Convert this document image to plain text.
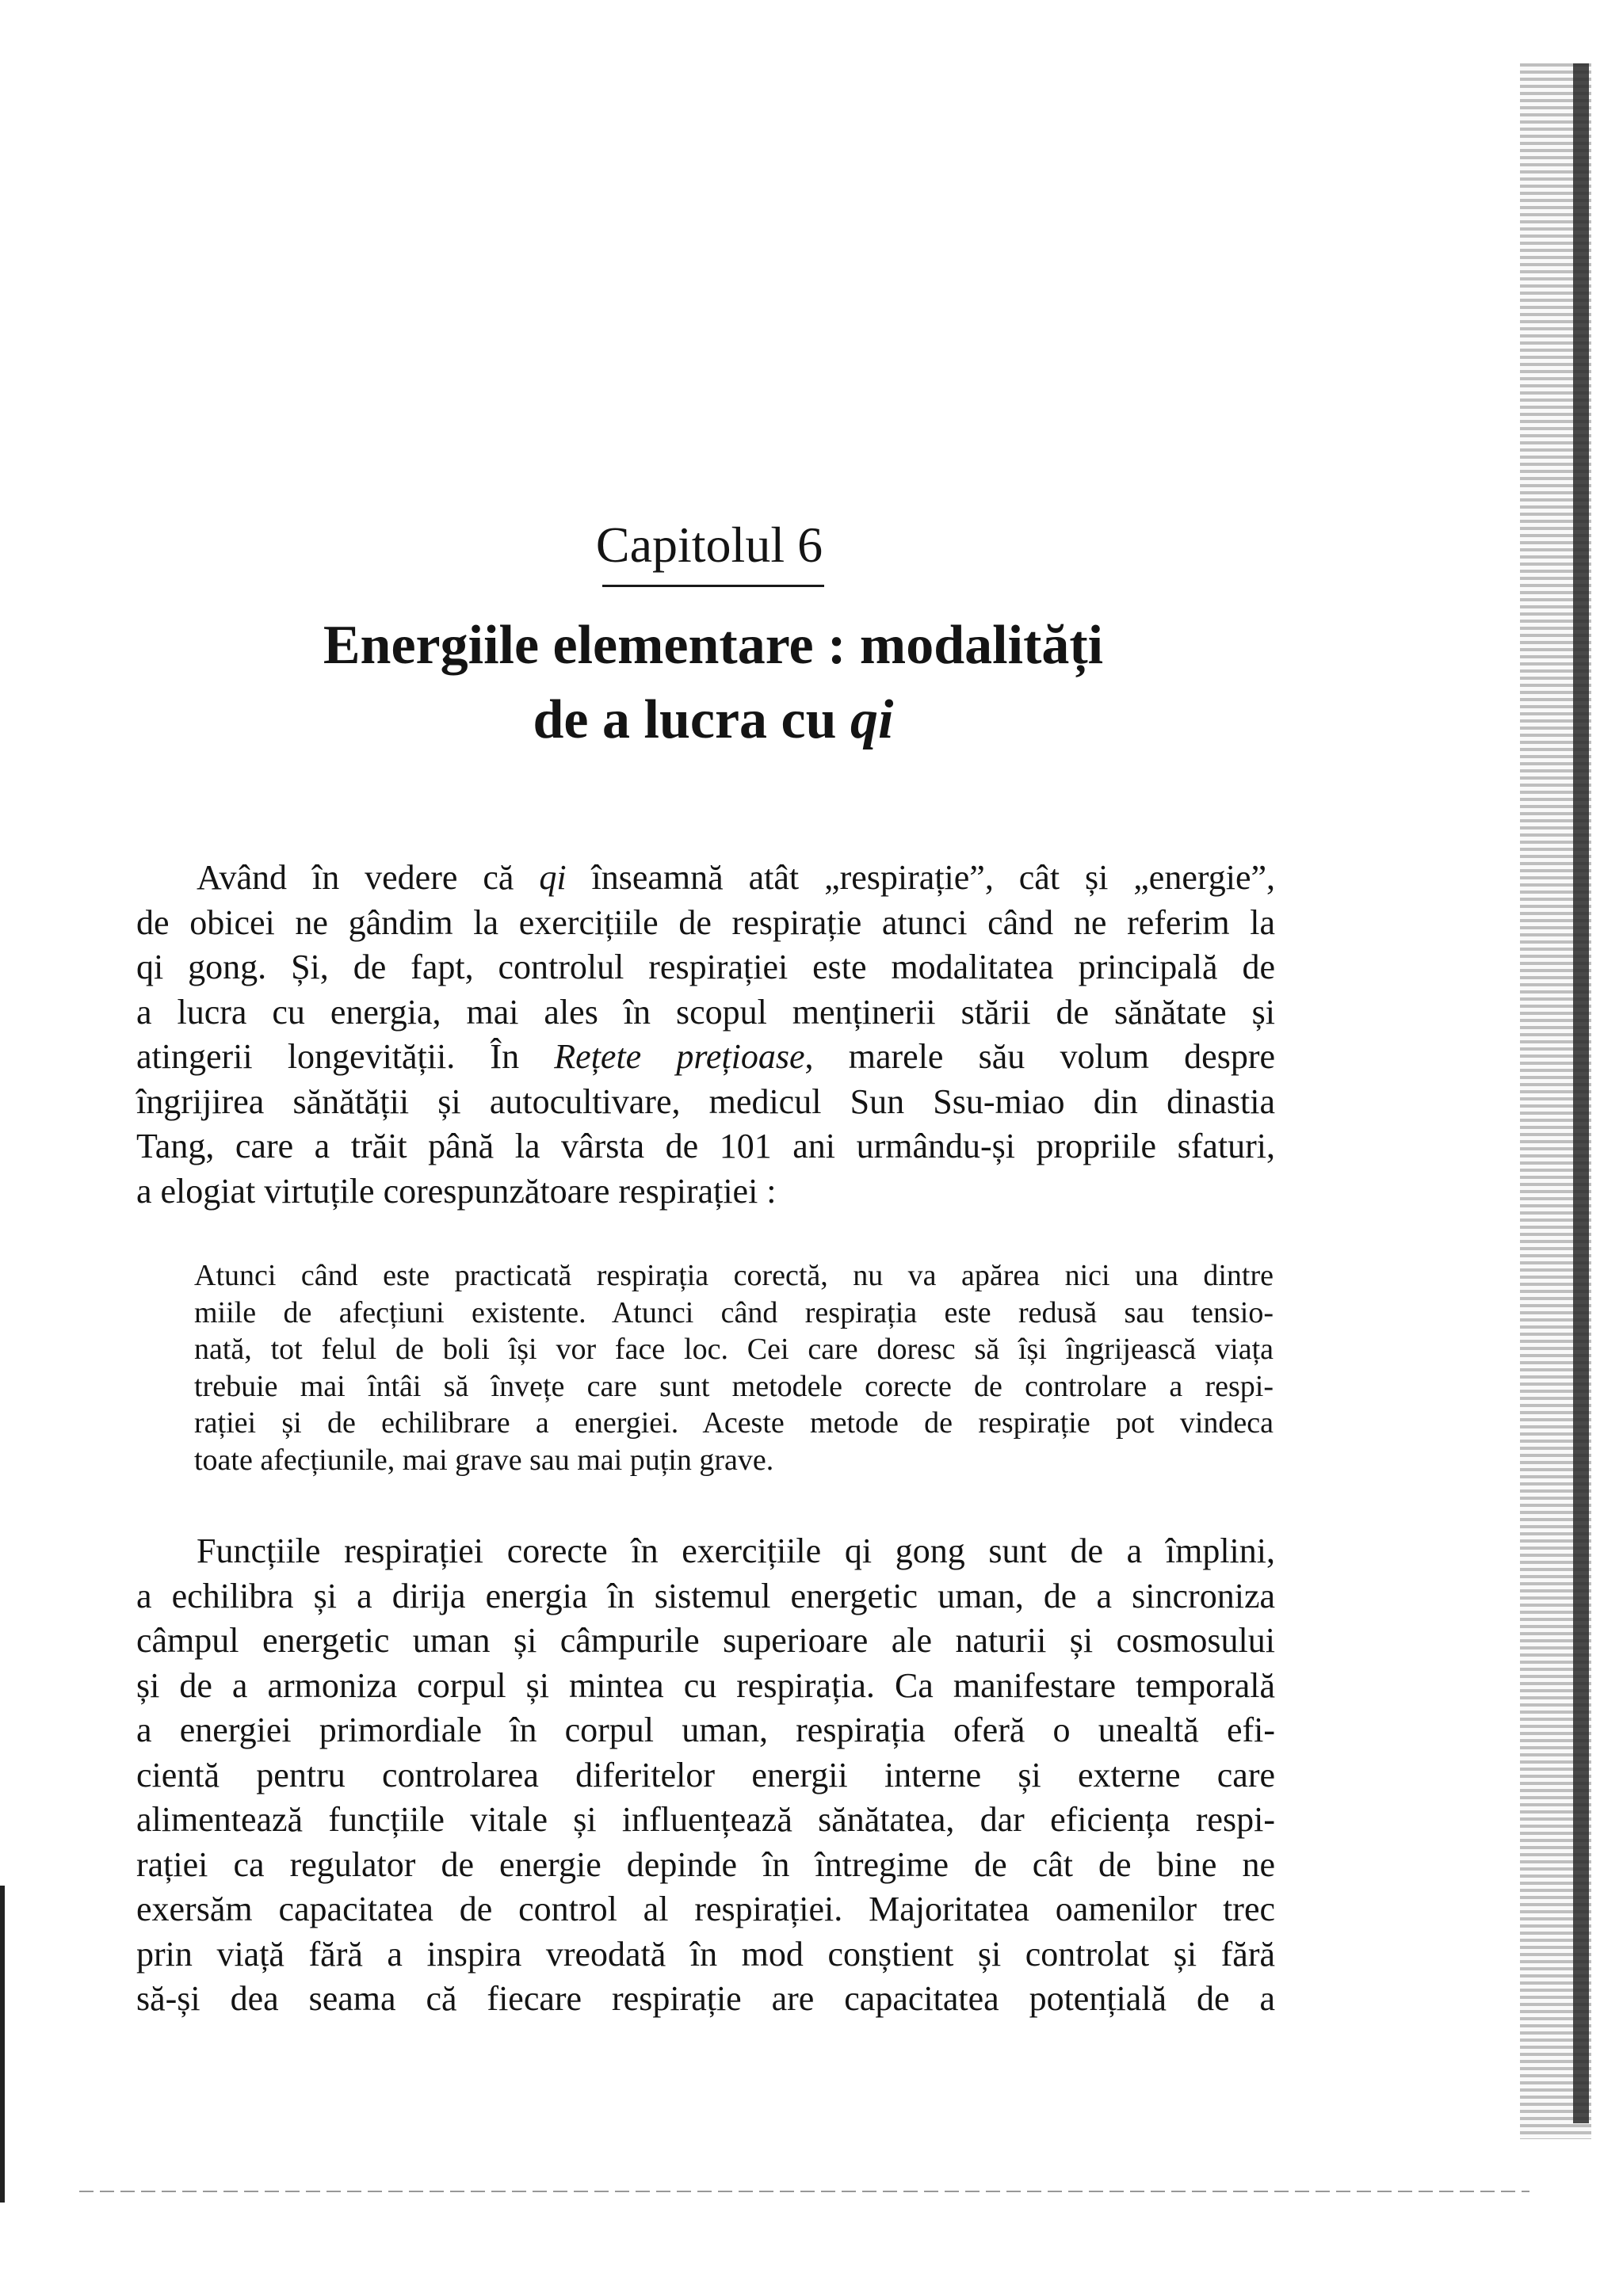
Capitolul 6
Energiile elementare : modalități
de a lucra cu qi
Având în vedere că qi înseamnă atât „respirație”, cât și „energie”,
de obicei ne gândim la exercițiile de respirație atunci când ne referim la
qi gong. Și, de fapt, controlul respirației este modalitatea principală de
a lucra cu energia, mai ales în scopul menținerii stării de sănătate și
atingerii longevității. În Rețete prețioase, marele său volum despre
îngrijirea sănătății și autocultivare, medicul Sun Ssu-miao din dinastia
Tang, care a trăit până la vârsta de 101 ani urmându-și propriile sfaturi,
a elogiat virtuțile corespunzătoare respirației :
Atunci când este practicată respirația corectă, nu va apărea nici una dintre
miile de afecțiuni existente. Atunci când respirația este redusă sau tensio-
nată, tot felul de boli își vor face loc. Cei care doresc să își îngrijească viața
trebuie mai întâi să învețe care sunt metodele corecte de controlare a respi-
rației și de echilibrare a energiei. Aceste metode de respirație pot vindeca
toate afecțiunile, mai grave sau mai puțin grave.
Funcțiile respirației corecte în exercițiile qi gong sunt de a împlini,
a echilibra și a dirija energia în sistemul energetic uman, de a sincroniza
câmpul energetic uman și câmpurile superioare ale naturii și cosmosului
și de a armoniza corpul și mintea cu respirația. Ca manifestare temporală
a energiei primordiale în corpul uman, respirația oferă o unealtă efi-
cientă pentru controlarea diferitelor energii interne și externe care
alimentează funcțiile vitale și influențează sănătatea, dar eficiența respi-
rației ca regulator de energie depinde în întregime de cât de bine ne
exersăm capacitatea de control al respirației. Majoritatea oamenilor trec
prin viață fără a inspira vreodată în mod conștient și controlat și fără
să-și dea seama că fiecare respirație are capacitatea potențială de a
